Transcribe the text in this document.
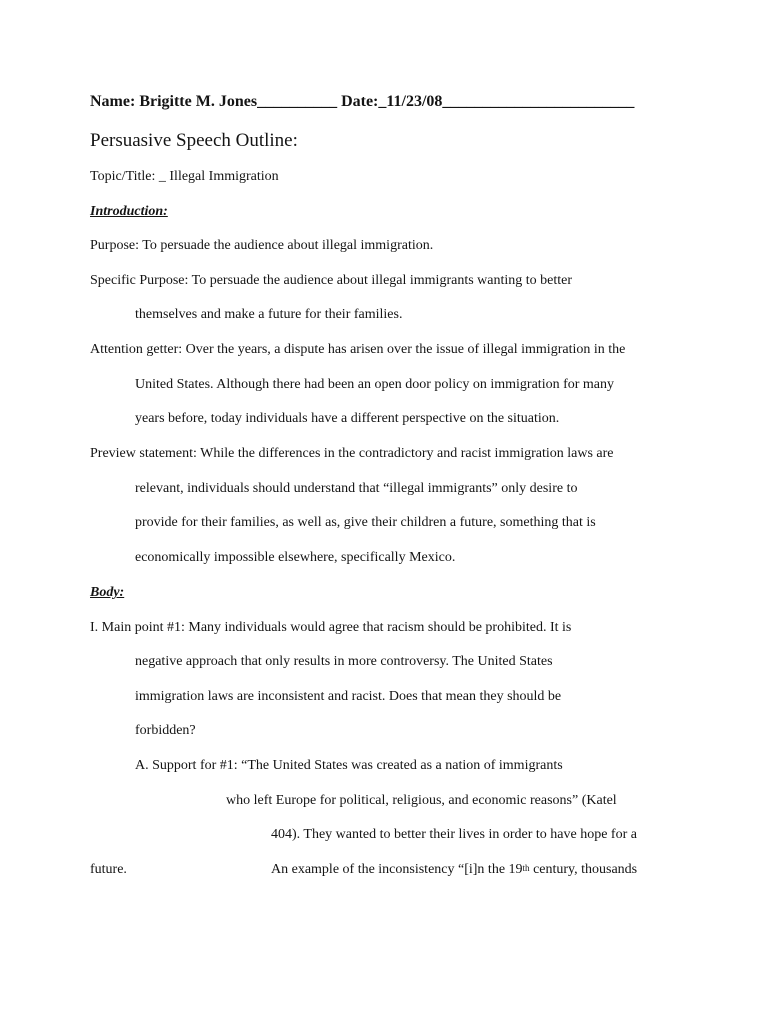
Name: Brigitte M. Jones__________ Date:_11/23/08________________________
Persuasive Speech Outline:
Topic/Title: _ Illegal Immigration
Introduction:
Purpose: To persuade the audience about illegal immigration.
Specific Purpose: To persuade the audience about illegal immigrants wanting to better
themselves and make a future for their families.
Attention getter: Over the years, a dispute has arisen over the issue of illegal immigration in the
United States. Although there had been an open door policy on immigration for many
years before, today individuals have a different perspective on the situation.
Preview statement: While the differences in the contradictory and racist immigration laws are
relevant, individuals should understand that “illegal immigrants” only desire to
provide for their families, as well as, give their children a future, something that is
economically impossible elsewhere, specifically Mexico.
Body:
I. Main point #1: Many individuals would agree that racism should be prohibited. It is
negative approach that only results in more controversy. The United States
immigration laws are inconsistent and racist. Does that mean they should be
forbidden?
A. Support for #1: “The United States was created as a nation of immigrants
who left Europe for political, religious, and economic reasons” (Katel
404). They wanted to better their lives in order to have hope for a
future.	An example of the inconsistency “[i]n the 19th century, thousands
